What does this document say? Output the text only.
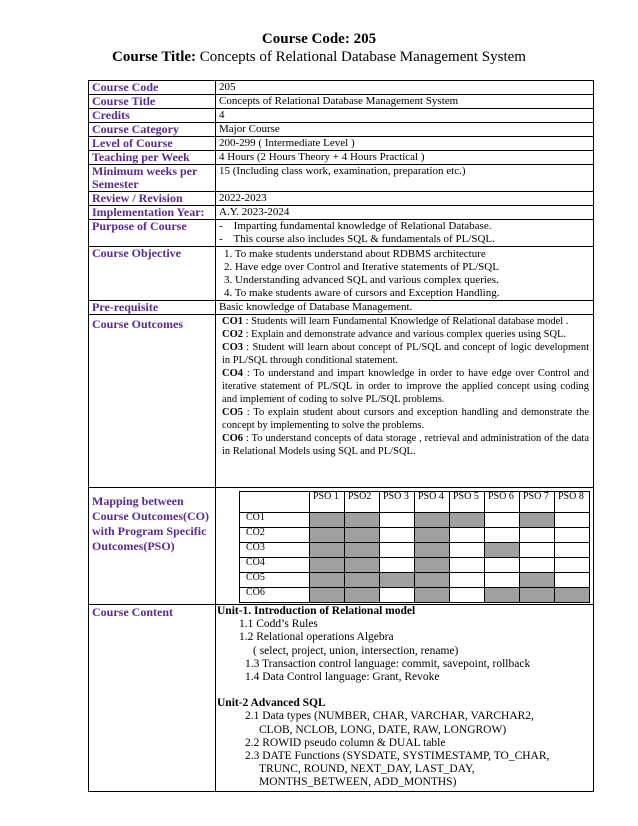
Course Code: 205
Course Title: Concepts of Relational Database Management System
Course Code	205
Course Title	Concepts of Relational Database Management System
Credits	4
Course Category	Major Course
Level of Course	200-299 ( Intermediate Level )
Teaching per Week	4 Hours (2 Hours Theory + 4 Hours Practical )
Minimum weeks per Semester	15 (Including class work, examination, preparation etc.)
Review / Revision	2022-2023
Implementation Year:	A.Y. 2023-2024
Purpose of Course	-    Imparting fundamental knowledge of Relational Database.
-    This course also includes SQL & fundamentals of PL/SQL.

Course Objective	1. To make students understand about RDBMS architecture
2. Have edge over Control and Iterative statements of PL/SQL
3. Understanding advanced SQL and various complex queries.
4. To make students aware of cursors and Exception Handling.

Pre-requisite	Basic knowledge of Database Management.
Course Outcomes	CO1 : Students will learn Fundamental Knowledge of Relational database model .

CO2 : Explain and demonstrate advance and various complex queries using SQL.

CO3 : Student will learn about concept of PL/SQL and concept of logic development in PL/SQL through conditional statement.

CO4 : To understand and impart knowledge in order to have edge over Control and iterative statement of PL/SQL in order to improve the applied concept using coding and implement of coding to solve PL/SQL problems.

CO5 : To explain student about cursors and exception handling and demonstrate the concept by implementing to solve the problems.

CO6 : To understand concepts of data storage , retrieval and administration of the data in Relational Models using SQL and PL/SQL.

Mapping between Course Outcomes(CO) with Program Specific Outcomes(PSO)	
	PSO 1	PSO2	PSO 3	PSO 4	PSO 5	PSO 6	PSO 7	PSO 8
CO1								
CO2								
CO3								
CO4								
CO5								
CO6								

Course Content	Unit-1. Introduction of Relational model
1.1 Codd’s Rules
1.2 Relational operations Algebra
( select, project, union, intersection, rename)
1.3 Transaction control language: commit, savepoint, rollback
1.4 Data Control language: Grant, Revoke
Unit-2 Advanced SQL
2.1 Data types (NUMBER, CHAR, VARCHAR, VARCHAR2,
CLOB, NCLOB, LONG, DATE, RAW, LONGROW)
2.2 ROWID pseudo column & DUAL table
2.3 DATE Functions (SYSDATE, SYSTIMESTAMP, TO_CHAR,
TRUNC, ROUND, NEXT_DAY, LAST_DAY,
MONTHS_BETWEEN, ADD_MONTHS)
